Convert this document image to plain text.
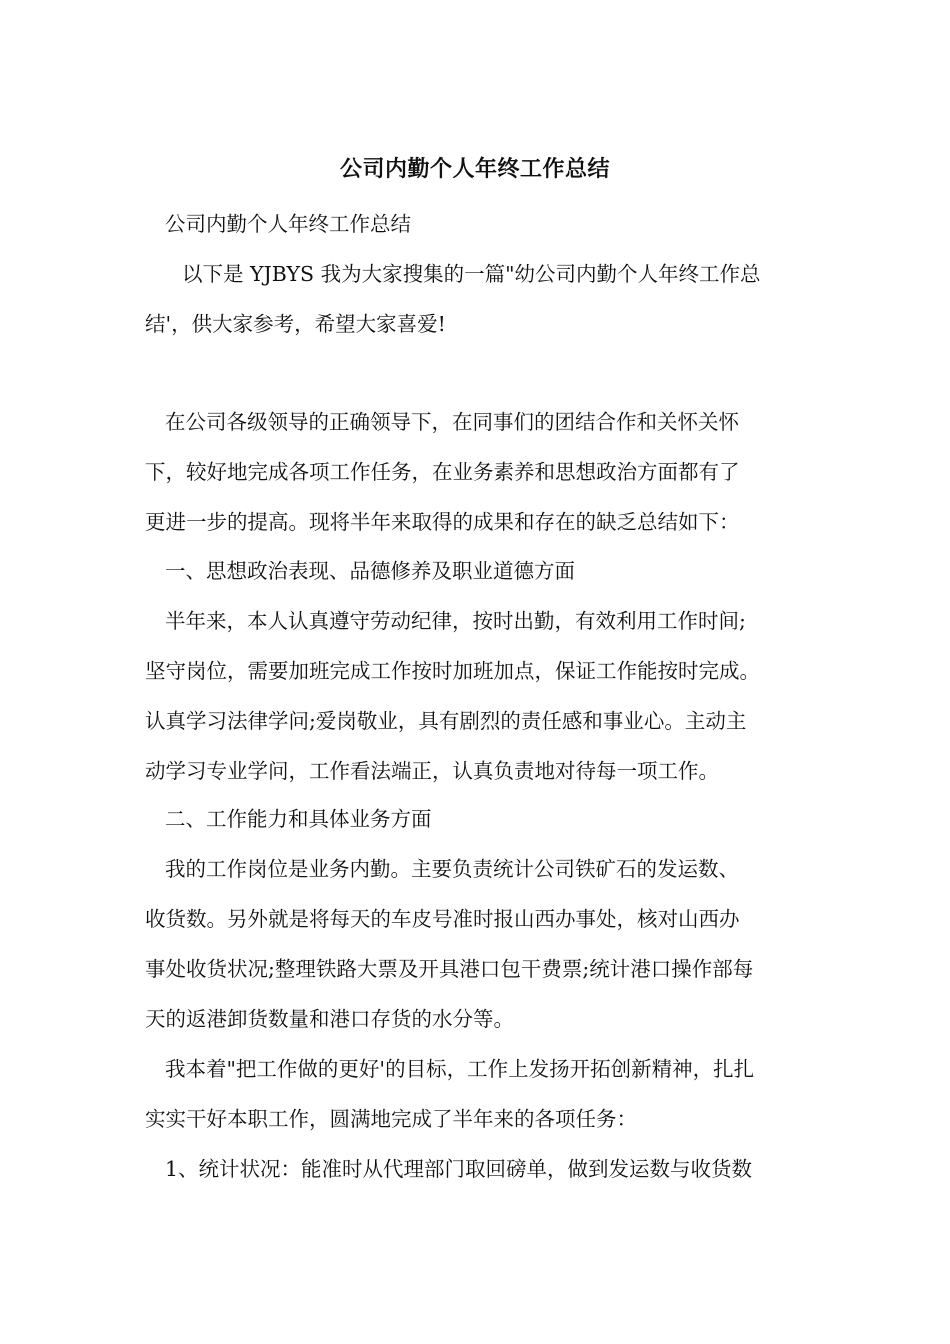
公司内勤个人年终工作总结
公司内勤个人年终工作总结
以下是 YJBYS 我为大家搜集的一篇"幼公司内勤个人年终工作总
结'，供大家参考，希望大家喜爱!
在公司各级领导的正确领导下，在同事们的团结合作和关怀关怀
下，较好地完成各项工作任务，在业务素养和思想政治方面都有了
更进一步的提高。现将半年来取得的成果和存在的缺乏总结如下：
一、思想政治表现、品德修养及职业道德方面
半年来，本人认真遵守劳动纪律，按时出勤，有效利用工作时间;
坚守岗位，需要加班完成工作按时加班加点，保证工作能按时完成。
认真学习法律学问;爱岗敬业，具有剧烈的责任感和事业心。主动主
动学习专业学问，工作看法端正，认真负责地对待每一项工作。
二、工作能力和具体业务方面
我的工作岗位是业务内勤。主要负责统计公司铁矿石的发运数、
收货数。另外就是将每天的车皮号准时报山西办事处，核对山西办
事处收货状况;整理铁路大票及开具港口包干费票;统计港口操作部每
天的返港卸货数量和港口存货的水分等。
我本着"把工作做的更好'的目标，工作上发扬开拓创新精神，扎扎
实实干好本职工作，圆满地完成了半年来的各项任务：
1、统计状况：能准时从代理部门取回磅单，做到发运数与收货数
